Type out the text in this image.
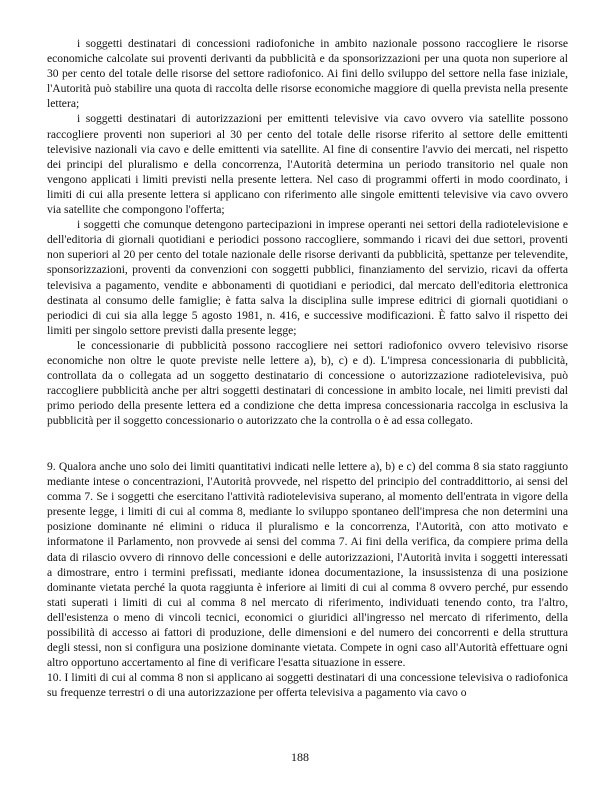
i soggetti destinatari di concessioni radiofoniche in ambito nazionale possono raccogliere le risorse economiche calcolate sui proventi derivanti da pubblicità e da sponsorizzazioni per una quota non superiore al 30 per cento del totale delle risorse del settore radiofonico. Ai fini dello sviluppo del settore nella fase iniziale, l'Autorità può stabilire una quota di raccolta delle risorse economiche maggiore di quella prevista nella presente lettera;

i soggetti destinatari di autorizzazioni per emittenti televisive via cavo ovvero via satellite possono raccogliere proventi non superiori al 30 per cento del totale delle risorse riferito al settore delle emittenti televisive nazionali via cavo e delle emittenti via satellite. Al fine di consentire l'avvio dei mercati, nel rispetto dei principi del pluralismo e della concorrenza, l'Autorità determina un periodo transitorio nel quale non vengono applicati i limiti previsti nella presente lettera. Nel caso di programmi offerti in modo coordinato, i limiti di cui alla presente lettera si applicano con riferimento alle singole emittenti televisive via cavo ovvero via satellite che compongono l'offerta;

i soggetti che comunque detengono partecipazioni in imprese operanti nei settori della radiotelevisione e dell'editoria di giornali quotidiani e periodici possono raccogliere, sommando i ricavi dei due settori, proventi non superiori al 20 per cento del totale nazionale delle risorse derivanti da pubblicità, spettanze per televendite, sponsorizzazioni, proventi da convenzioni con soggetti pubblici, finanziamento del servizio, ricavi da offerta televisiva a pagamento, vendite e abbonamenti di quotidiani e periodici, dal mercato dell'editoria elettronica destinata al consumo delle famiglie; è fatta salva la disciplina sulle imprese editrici di giornali quotidiani o periodici di cui sia alla legge 5 agosto 1981, n. 416, e successive modificazioni. È fatto salvo il rispetto dei limiti per singolo settore previsti dalla presente legge;

le concessionarie di pubblicità possono raccogliere nei settori radiofonico ovvero televisivo risorse economiche non oltre le quote previste nelle lettere a), b), c) e d). L'impresa concessionaria di pubblicità, controllata da o collegata ad un soggetto destinatario di concessione o autorizzazione radiotelevisiva, può raccogliere pubblicità anche per altri soggetti destinatari di concessione in ambito locale, nei limiti previsti dal primo periodo della presente lettera ed a condizione che detta impresa concessionaria raccolga in esclusiva la pubblicità per il soggetto concessionario o autorizzato che la controlla o è ad essa collegato.

9. Qualora anche uno solo dei limiti quantitativi indicati nelle lettere a), b) e c) del comma 8 sia stato raggiunto mediante intese o concentrazioni, l'Autorità provvede, nel rispetto del principio del contraddittorio, ai sensi del comma 7. Se i soggetti che esercitano l'attività radiotelevisiva superano, al momento dell'entrata in vigore della presente legge, i limiti di cui al comma 8, mediante lo sviluppo spontaneo dell'impresa che non determini una posizione dominante né elimini o riduca il pluralismo e la concorrenza, l'Autorità, con atto motivato e informatone il Parlamento, non provvede ai sensi del comma 7. Ai fini della verifica, da compiere prima della data di rilascio ovvero di rinnovo delle concessioni e delle autorizzazioni, l'Autorità invita i soggetti interessati a dimostrare, entro i termini prefissati, mediante idonea documentazione, la insussistenza di una posizione dominante vietata perché la quota raggiunta è inferiore ai limiti di cui al comma 8 ovvero perché, pur essendo stati superati i limiti di cui al comma 8 nel mercato di riferimento, individuati tenendo conto, tra l'altro, dell'esistenza o meno di vincoli tecnici, economici o giuridici all'ingresso nel mercato di riferimento, della possibilità di accesso ai fattori di produzione, delle dimensioni e del numero dei concorrenti e della struttura degli stessi, non si configura una posizione dominante vietata. Compete in ogni caso all'Autorità effettuare ogni altro opportuno accertamento al fine di verificare l'esatta situazione in essere.

10. I limiti di cui al comma 8 non si applicano ai soggetti destinatari di una concessione televisiva o radiofonica su frequenze terrestri o di una autorizzazione per offerta televisiva a pagamento via cavo o

188
